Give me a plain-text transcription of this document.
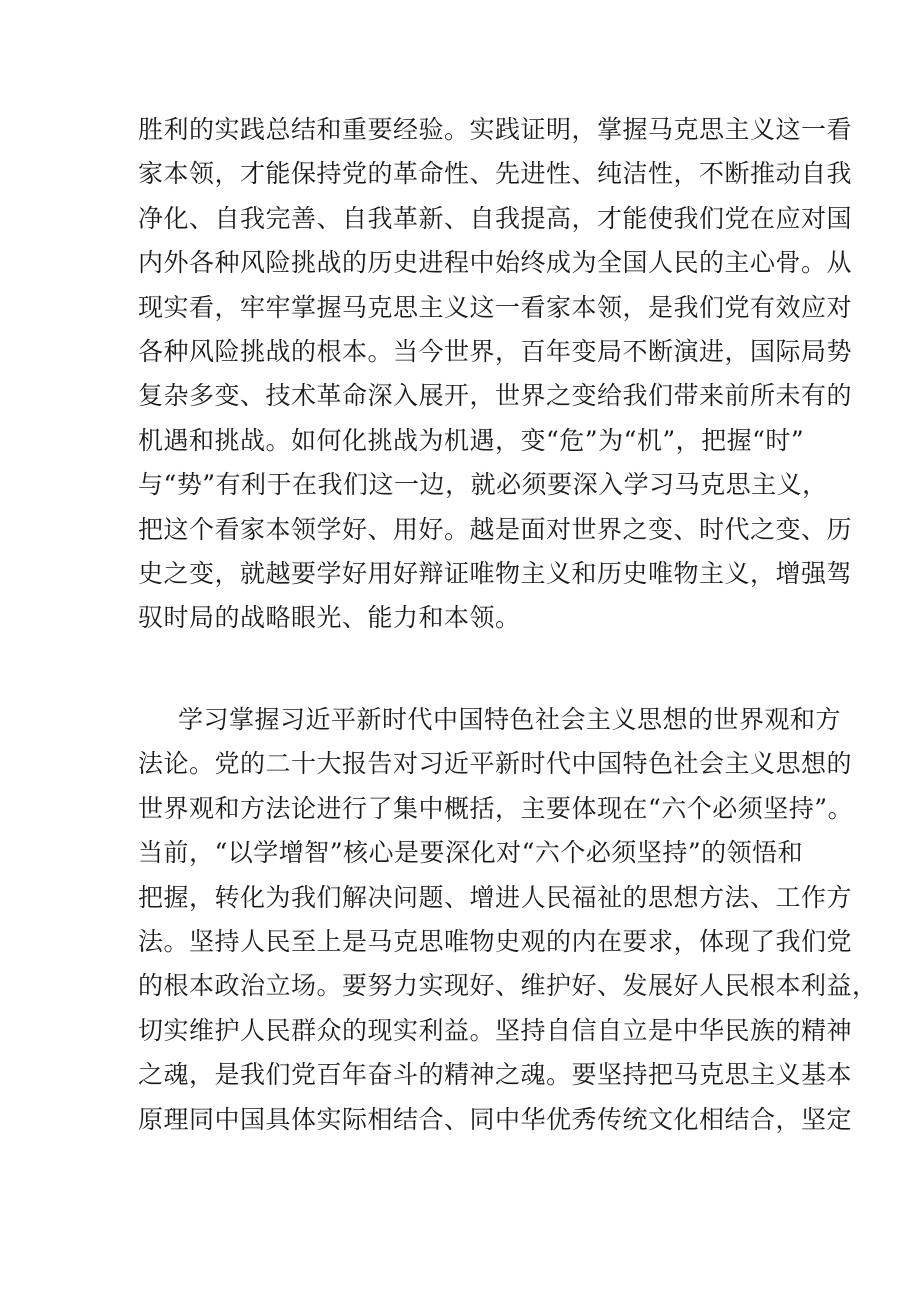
胜利的实践总结和重要经验。实践证明，掌握马克思主义这一看
家本领，才能保持党的革命性、先进性、纯洁性，不断推动自我
净化、自我完善、自我革新、自我提高，才能使我们党在应对国
内外各种风险挑战的历史进程中始终成为全国人民的主心骨。从
现实看，牢牢掌握马克思主义这一看家本领，是我们党有效应对
各种风险挑战的根本。当今世界，百年变局不断演进，国际局势
复杂多变、技术革命深入展开，世界之变给我们带来前所未有的
机遇和挑战。如何化挑战为机遇，变“危”为“机”，把握“时”
与“势”有利于在我们这一边，就必须要深入学习马克思主义，
把这个看家本领学好、用好。越是面对世界之变、时代之变、历
史之变，就越要学好用好辩证唯物主义和历史唯物主义，增强驾
驭时局的战略眼光、能力和本领。
学习掌握习近平新时代中国特色社会主义思想的世界观和方
法论。党的二十大报告对习近平新时代中国特色社会主义思想的
世界观和方法论进行了集中概括，主要体现在“六个必须坚持”。
当前，“以学增智”核心是要深化对“六个必须坚持”的领悟和
把握，转化为我们解决问题、增进人民福祉的思想方法、工作方
法。坚持人民至上是马克思唯物史观的内在要求，体现了我们党
的根本政治立场。要努力实现好、维护好、发展好人民根本利益，
切实维护人民群众的现实利益。坚持自信自立是中华民族的精神
之魂，是我们党百年奋斗的精神之魂。要坚持把马克思主义基本
原理同中国具体实际相结合、同中华优秀传统文化相结合，坚定
